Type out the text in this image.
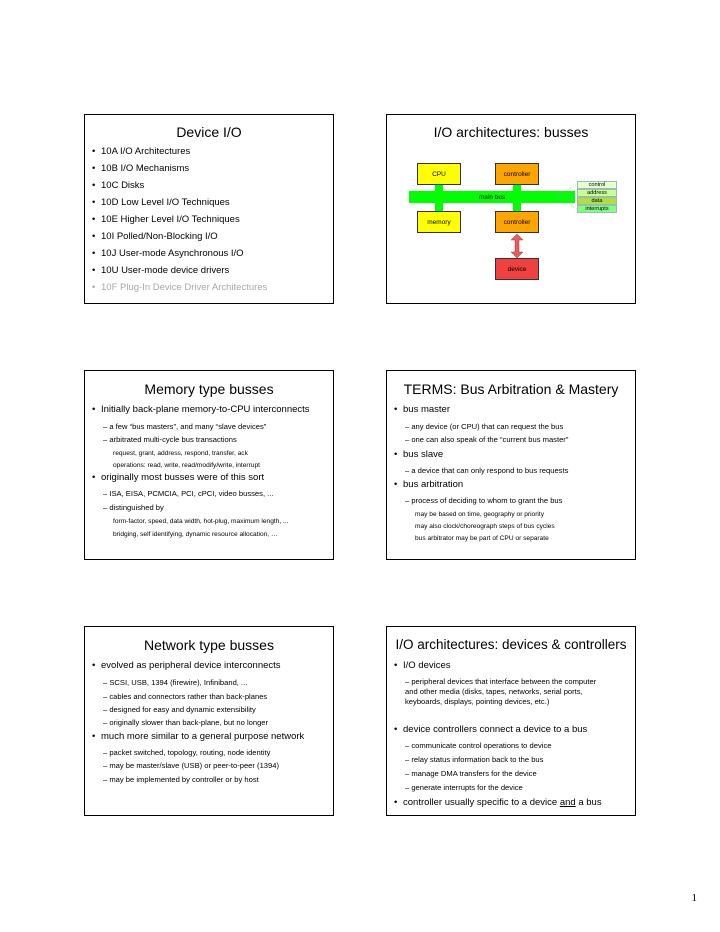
Device I/O
• 10A I/O Architectures
• 10B I/O Mechanisms
• 10C Disks
• 10D Low Level I/O Techniques
• 10E Higher Level I/O Techniques
• 10I Polled/Non-Blocking I/O
• 10J User-mode Asynchronous I/O
• 10U User-mode device drivers
• 10F Plug-In Device Driver Architectures
I/O architectures: busses
CPU	controller
main bus
memory	controller
device
control
address
data
interrupts
Memory type busses
• Initially back-plane memory-to-CPU interconnects
– a few “bus masters”, and many “slave devices”
– arbitrated multi-cycle bus transactions
request, grant, address, respond, transfer, ack
operations: read, write, read/modify/write, interrupt
• originally most busses were of this sort
– ISA, EISA, PCMCIA, PCI, cPCI, video busses, ...
– distinguished by
form-factor, speed, data width, hot-plug, maximum length, ...
bridging, self identifying, dynamic resource allocation, …
TERMS: Bus Arbitration & Mastery
• bus master
– any device (or CPU) that can request the bus
– one can also speak of the “current bus master”
• bus slave
– a device that can only respond to bus requests
• bus arbitration
– process of deciding to whom to grant the bus
may be based on time, geography or priority
may also clock/choreograph steps of bus cycles
bus arbitrator may be part of CPU or separate
Network type busses
• evolved as peripheral device interconnects
– SCSI, USB, 1394 (firewire), Infiniband, ...
– cables and connectors rather than back-planes
– designed for easy and dynamic extensibility
– originally slower than back-plane, but no longer
• much more similar to a general purpose network
– packet switched, topology, routing, node identity
– may be master/slave (USB) or peer-to-peer (1394)
– may be implemented by controller or by host
I/O architectures: devices & controllers
• I/O devices
– peripheral devices that interface between the computer and other media (disks, tapes, networks, serial ports, keyboards, displays, pointing devices, etc.)
• device controllers connect a device to a bus
– communicate control operations to device
– relay status information back to the bus
– manage DMA transfers for the device
– generate interrupts for the device
• controller usually specific to a device and a bus
1
